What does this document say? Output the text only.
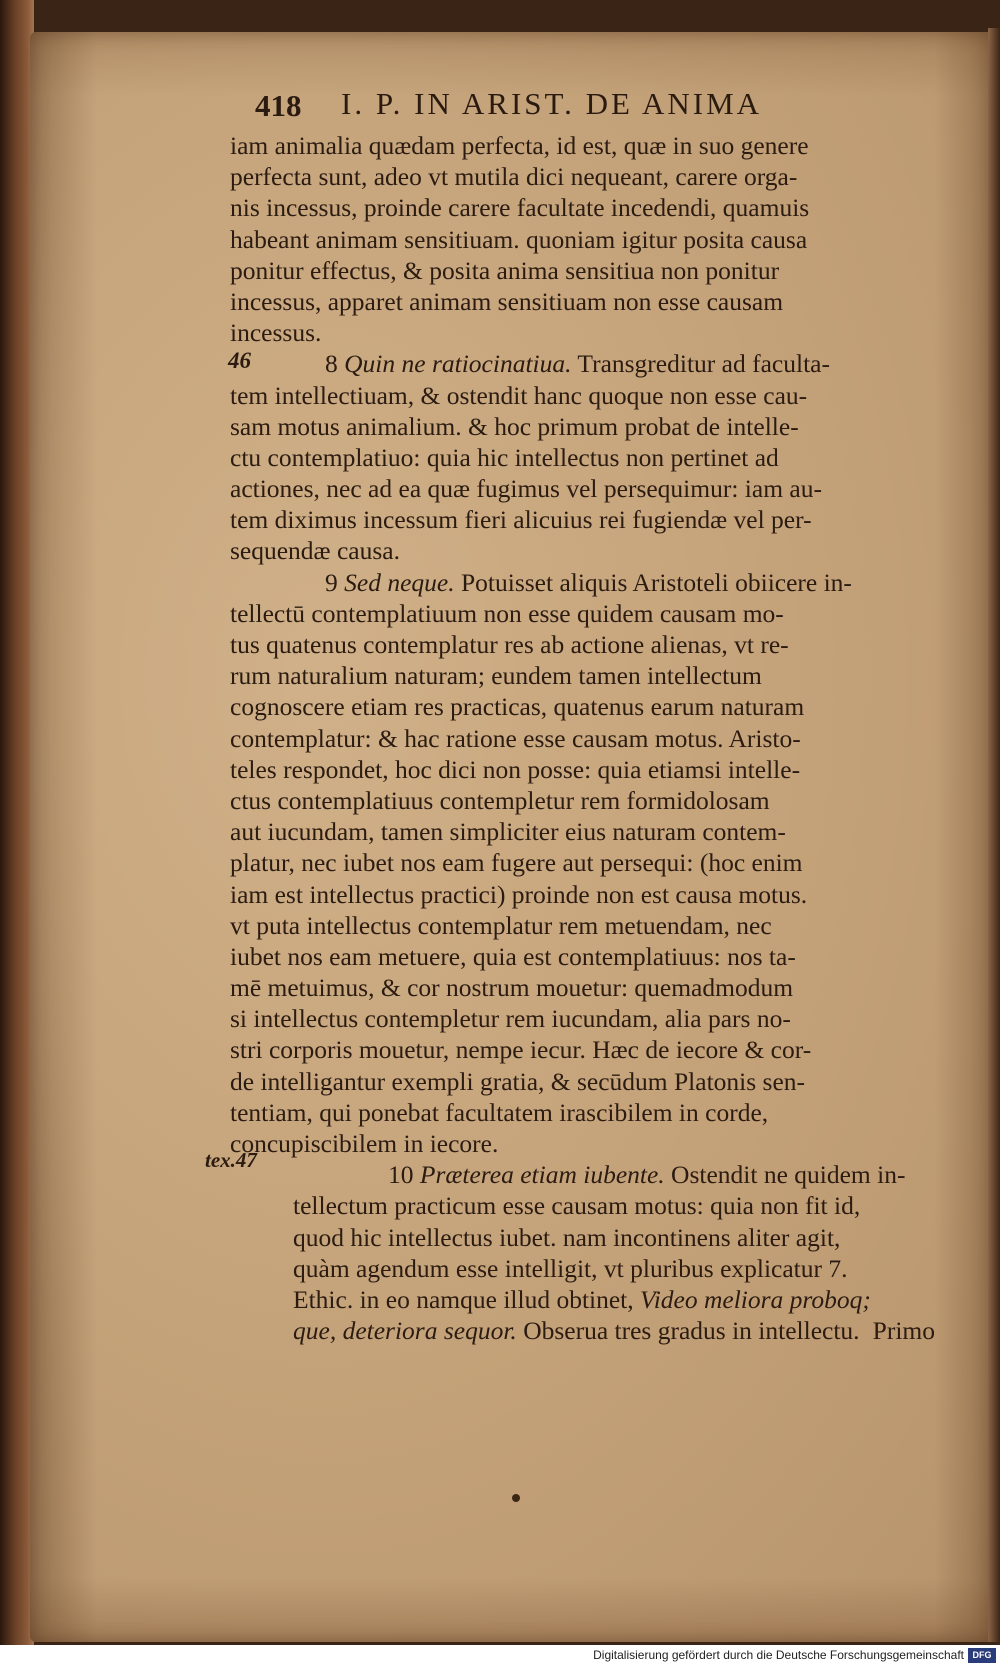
418 I. P. IN ARIST. DE ANIMA
46
tex.47
iam animalia quædam perfecta, id est, quæ in suo genere
perfecta sunt, adeo vt mutila dici nequeant, carere orga-
nis incessus, proinde carere facultate incedendi, quamuis
habeant animam sensitiuam. quoniam igitur posita causa
ponitur effectus, & posita anima sensitiua non ponitur
incessus, apparet animam sensitiuam non esse causam
incessus.
8 Quin ne ratiocinatiua. Transgreditur ad faculta-
tem intellectiuam, & ostendit hanc quoque non esse cau-
sam motus animalium. & hoc primum probat de intelle-
ctu contemplatiuo: quia hic intellectus non pertinet ad
actiones, nec ad ea quæ fugimus vel persequimur: iam au-
tem diximus incessum fieri alicuius rei fugiendæ vel per-
sequendæ causa.
9 Sed neque. Potuisset aliquis Aristoteli obiicere in-
tellectū contemplatiuum non esse quidem causam mo-
tus quatenus contemplatur res ab actione alienas, vt re-
rum naturalium naturam; eundem tamen intellectum
cognoscere etiam res practicas, quatenus earum naturam
contemplatur: & hac ratione esse causam motus. Aristo-
teles respondet, hoc dici non posse: quia etiamsi intelle-
ctus contemplatiuus contempletur rem formidolosam
aut iucundam, tamen simpliciter eius naturam contem-
platur, nec iubet nos eam fugere aut persequi: (hoc enim
iam est intellectus practici) proinde non est causa motus.
vt puta intellectus contemplatur rem metuendam, nec
iubet nos eam metuere, quia est contemplatiuus: nos ta-
mē metuimus, & cor nostrum mouetur: quemadmodum
si intellectus contempletur rem iucundam, alia pars no-
stri corporis mouetur, nempe iecur. Hæc de iecore & cor-
de intelligantur exempli gratia, & secūdum Platonis sen-
tentiam, qui ponebat facultatem irascibilem in corde,
concupiscibilem in iecore.
10 Præterea etiam iubente. Ostendit ne quidem in-
tellectum practicum esse causam motus: quia non fit id,
quod hic intellectus iubet. nam incontinens aliter agit,
quàm agendum esse intelligit, vt pluribus explicatur 7.
Ethic. in eo namque illud obtinet, Video meliora proboq;
que, deteriora sequor. Obserua tres gradus in intellectu. Primo
Digitalisierung gefördert durch die Deutsche Forschungsgemeinschaft DFG
